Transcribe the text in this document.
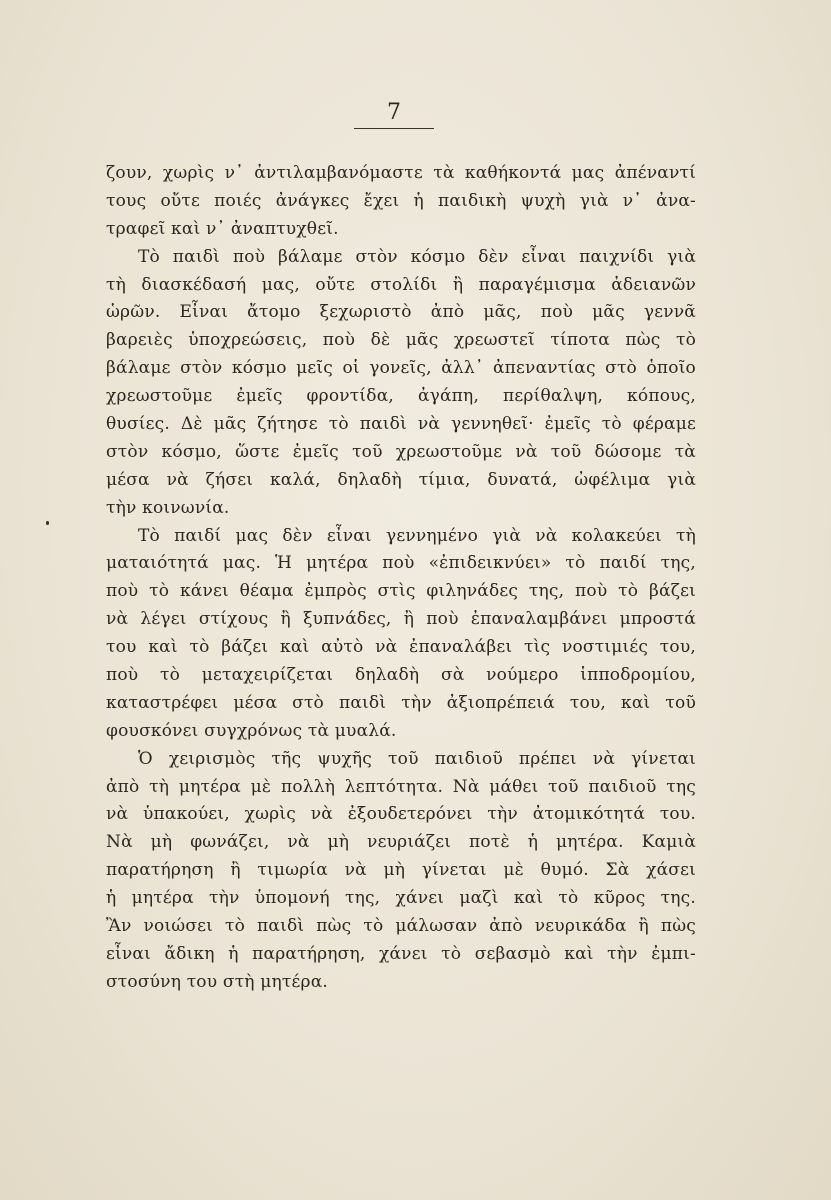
7
ζουν, χωρὶς ν᾽ ἀντιλαμβανόμαστε τὰ καθήκοντά μας ἀπέναντί
τους οὔτε ποιές ἀνάγκες ἔχει ἡ παιδικὴ ψυχὴ γιὰ ν᾽ ἀνα-
τραφεῖ καὶ ν᾽ ἀναπτυχθεῖ.
Τὸ παιδὶ ποὺ βάλαμε στὸν κόσμο δὲν εἶναι παιχνίδι γιὰ
τὴ διασκέδασή μας, οὔτε στολίδι ἢ παραγέμισμα ἀδειανῶν
ὡρῶν. Εἶναι ἄτομο ξεχωριστὸ ἀπὸ μᾶς, ποὺ μᾶς γεννᾶ
βαρειὲς ὑποχρεώσεις, ποὺ δὲ μᾶς χρεωστεῖ τίποτα πὼς τὸ
βάλαμε στὸν κόσμο μεῖς οἱ γονεῖς, ἀλλ᾽ ἀπεναντίας στὸ ὁποῖο
χρεωστοῦμε ἐμεῖς φροντίδα, ἀγάπη, περίθαλψη, κόπους,
θυσίες. Δὲ μᾶς ζήτησε τὸ παιδὶ νὰ γεννηθεῖ· ἐμεῖς τὸ φέραμε
στὸν κόσμο, ὥστε ἐμεῖς τοῦ χρεωστοῦμε νὰ τοῦ δώσομε τὰ
μέσα νὰ ζήσει καλά, δηλαδὴ τίμια, δυνατά, ὠφέλιμα γιὰ
τὴν κοινωνία.
Τὸ παιδί μας δὲν εἶναι γεννημένο γιὰ νὰ κολακεύει τὴ
ματαιότητά μας. Ἡ μητέρα ποὺ «ἐπιδεικνύει» τὸ παιδί της,
ποὺ τὸ κάνει θέαμα ἐμπρὸς στὶς φιληνάδες της, ποὺ τὸ βάζει
νὰ λέγει στίχους ἢ ξυπνάδες, ἢ ποὺ ἐπαναλαμβάνει μπροστά
του καὶ τὸ βάζει καὶ αὐτὸ νὰ ἐπαναλάβει τὶς νοστιμιές του,
ποὺ τὸ μεταχειρίζεται δηλαδὴ σὰ νούμερο ἱπποδρομίου,
καταστρέφει μέσα στὸ παιδὶ τὴν ἀξιοπρέπειά του, καὶ τοῦ
φουσκόνει συγχρόνως τὰ μυαλά.
Ὁ χειρισμὸς τῆς ψυχῆς τοῦ παιδιοῦ πρέπει νὰ γίνεται
ἀπὸ τὴ μητέρα μὲ πολλὴ λεπτότητα. Νὰ μάθει τοῦ παιδιοῦ της
νὰ ὑπακούει, χωρὶς νὰ ἐξουδετερόνει τὴν ἀτομικότητά του.
Νὰ μὴ φωνάζει, νὰ μὴ νευριάζει ποτὲ ἡ μητέρα. Καμιὰ
παρατήρηση ἢ τιμωρία νὰ μὴ γίνεται μὲ θυμό. Σὰ χάσει
ἡ μητέρα τὴν ὑπομονή της, χάνει μαζὶ καὶ τὸ κῦρος της.
Ἂν νοιώσει τὸ παιδὶ πὼς τὸ μάλωσαν ἀπὸ νευρικάδα ἢ πὼς
εἶναι ἄδικη ἡ παρατήρηση, χάνει τὸ σεβασμὸ καὶ τὴν ἐμπι-
στοσύνη του στὴ μητέρα.
